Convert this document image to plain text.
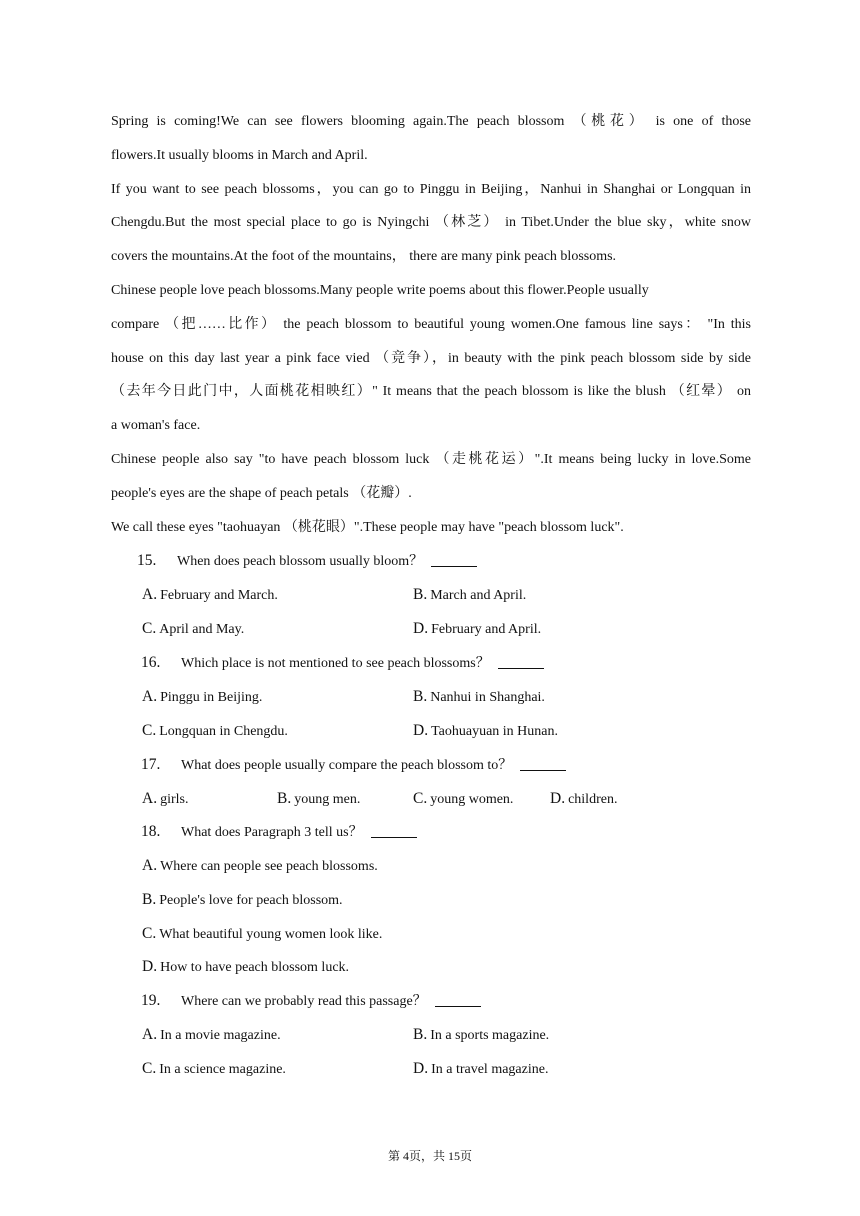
Spring is coming!We can see flowers blooming again.The peach blossom （桃花） is one of those
flowers.It usually blooms in March and April.
If you want to see peach blossoms，you can go to Pinggu in Beijing，Nanhui in Shanghai or Longquan in
Chengdu.But the most special place to go is Nyingchi （林芝） in Tibet.Under the blue sky，white snow
covers the mountains.At the foot of the mountains， there are many pink peach blossoms.
Chinese people love peach blossoms.Many people write poems about this flower.People usually
compare （把……比作） the peach blossom to beautiful young women.One famous line says： "In this
house on this day last year a pink face vied （竞争），in beauty with the pink peach blossom side by side
（去年今日此门中，人面桃花相映红）" It means that the peach blossom is like the blush （红晕） on
a woman's face.
Chinese people also say "to have peach blossom luck （走桃花运）".It means being lucky in love.Some
people's eyes are the shape of peach petals （花瓣）.
We call these eyes "taohuayan （桃花眼）".These people may have "peach blossom luck".
15. When does peach blossom usually bloom？
A. February and March.	B. March and April.
C. April and May.	D. February and April.
16. Which place is not mentioned to see peach blossoms？
A. Pinggu in Beijing.	B. Nanhui in Shanghai.
C. Longquan in Chengdu.	D. Taohuayuan in Hunan.
17. What does people usually compare the peach blossom to？
A. girls.	B. young men.	C. young women. D. children.
18. What does Paragraph 3 tell us？
A. Where can people see peach blossoms.
B. People's love for peach blossom.
C. What beautiful young women look like.
D. How to have peach blossom luck.
19. Where can we probably read this passage？
A. In a movie magazine.	B. In a sports magazine.
C. In a science magazine.	D. In a travel magazine.
第 4页，共 15页
